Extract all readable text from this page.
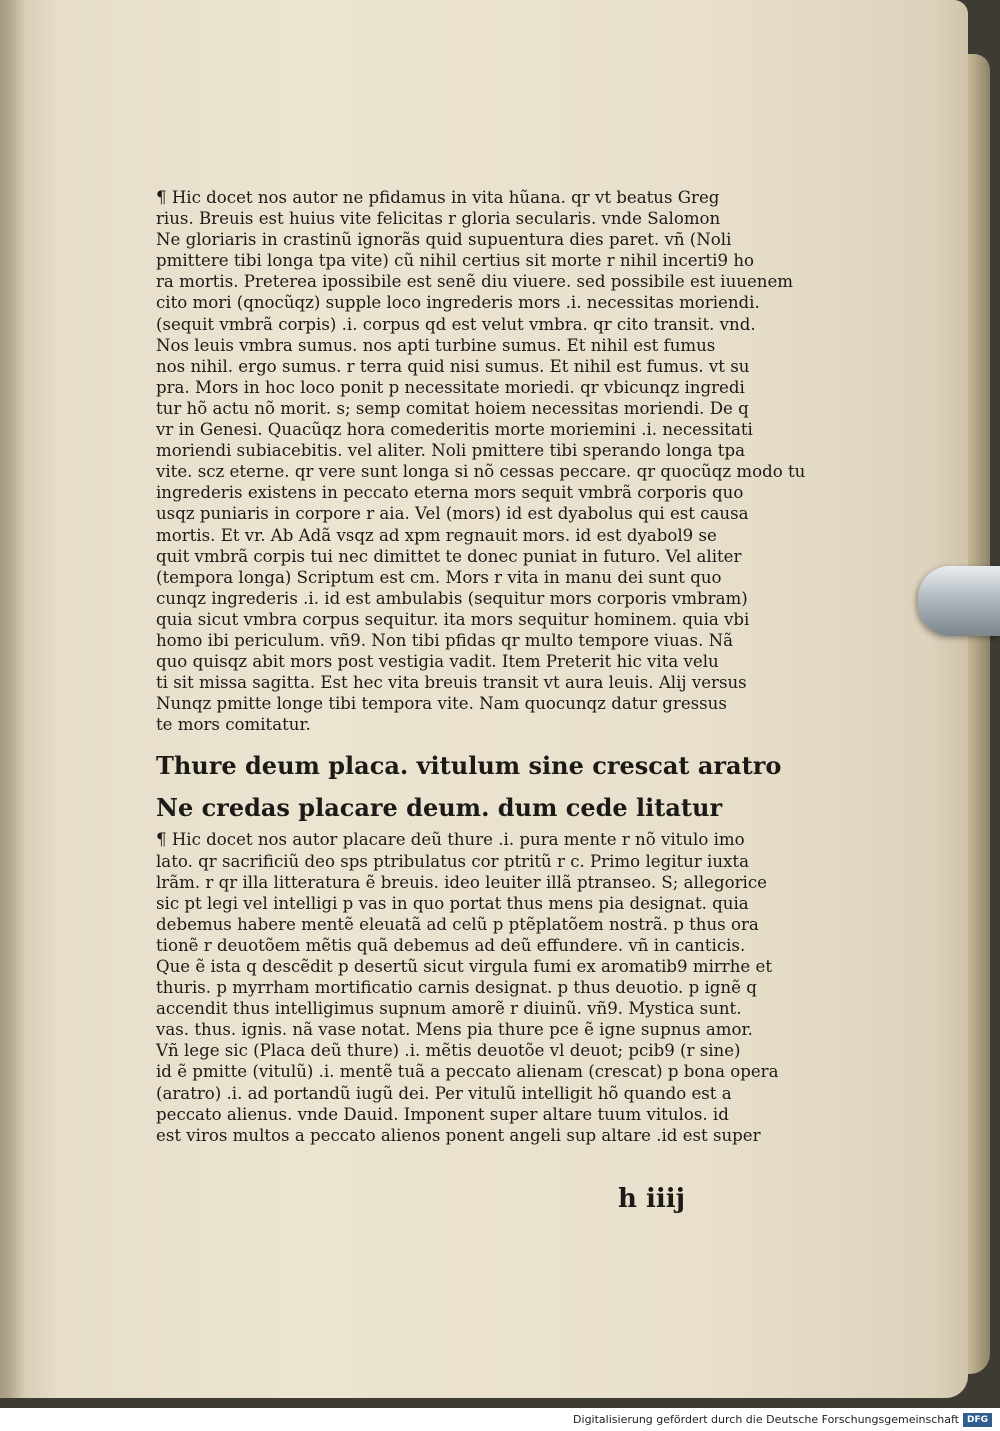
¶ Hic docet nos autor ne pfidamus in vita hũana. qr vt beatus Greg
rius. Breuis est huius vite felicitas r gloria secularis. vnde Salomon
Ne gloriaris in crastinũ ignorãs quid supuentura dies paret. vñ (Noli
pmittere tibi longa tpa vite) cũ nihil certius sit morte r nihil incerti9 ho
ra mortis. Preterea ipossibile est senẽ diu viuere. sed possibile est iuuenem
cito mori (qnocũqz) supple loco ingrederis mors .i. necessitas moriendi.
(sequit vmbrã corpis) .i. corpus qd est velut vmbra. qr cito transit. vnd.
Nos leuis vmbra sumus. nos apti turbine sumus. Et nihil est fumus
nos nihil. ergo sumus. r terra quid nisi sumus. Et nihil est fumus. vt su
pra. Mors in hoc loco ponit p necessitate moriedi. qr vbicunqz ingredi
tur hõ actu nõ morit. s; semp comitat hoiem necessitas moriendi. De q
vr in Genesi. Quacũqz hora comederitis morte moriemini .i. necessitati
moriendi subiacebitis. vel aliter. Noli pmittere tibi sperando longa tpa
vite. scz eterne. qr vere sunt longa si nõ cessas peccare. qr quocũqz modo tu
ingrederis existens in peccato eterna mors sequit vmbrã corporis quo
usqz puniaris in corpore r aia. Vel (mors) id est dyabolus qui est causa
mortis. Et vr. Ab Adã vsqz ad xpm regnauit mors. id est dyabol9 se
quit vmbrã corpis tui nec dimittet te donec puniat in futuro. Vel aliter
(tempora longa) Scriptum est cm. Mors r vita in manu dei sunt quo
cunqz ingrederis .i. id est ambulabis (sequitur mors corporis vmbram)
quia sicut vmbra corpus sequitur. ita mors sequitur hominem. quia vbi
homo ibi periculum. vñ9. Non tibi pfidas qr multo tempore viuas. Nã
quo quisqz abit mors post vestigia vadit. Item Preterit hic vita velu
ti sit missa sagitta. Est hec vita breuis transit vt aura leuis. Alij versus
Nunqz pmitte longe tibi tempora vite. Nam quocunqz datur gressus
te mors comitatur.
Thure deum placa. vitulum sine crescat aratro
Ne credas placare deum. dum cede litatur
¶ Hic docet nos autor placare deũ thure .i. pura mente r nõ vitulo imo
lato. qr sacrificiũ deo sps ptribulatus cor ptritũ r c. Primo legitur iuxta
lrãm. r qr illa litteratura ẽ breuis. ideo leuiter illã ptranseo. S; allegorice
sic pt legi vel intelligi p vas in quo portat thus mens pia designat. quia
debemus habere mentẽ eleuatã ad celũ p ptẽplatõem nostrã. p thus ora
tionẽ r deuotõem mẽtis quã debemus ad deũ effundere. vñ in canticis.
Que ẽ ista q descẽdit p desertũ sicut virgula fumi ex aromatib9 mirrhe et
thuris. p myrrham mortificatio carnis designat. p thus deuotio. p ignẽ q
accendit thus intelligimus supnum amorẽ r diuinũ. vñ9. Mystica sunt.
vas. thus. ignis. nã vase notat. Mens pia thure pce ẽ igne supnus amor.
Vñ lege sic (Placa deũ thure) .i. mẽtis deuotõe vl deuot; pcib9 (r sine)
id ẽ pmitte (vitulũ) .i. mentẽ tuã a peccato alienam (crescat) p bona opera
(aratro) .i. ad portandũ iugũ dei. Per vitulũ intelligit hõ quando est a
peccato alienus. vnde Dauid. Imponent super altare tuum vitulos. id
est viros multos a peccato alienos ponent angeli sup altare .id est super
h iiij
Digitalisierung gefördert durch die Deutsche Forschungsgemeinschaft DFG
